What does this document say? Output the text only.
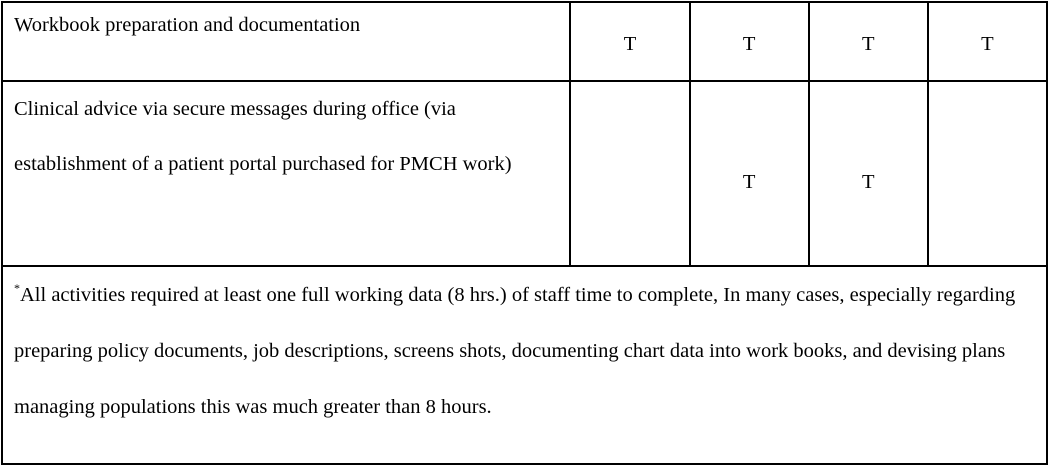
Workbook preparation and documentation	T	T	T	T
Clinical advice via secure messages during office (via establishment of a patient portal purchased for PMCH work)		T	T	
*All activities required at least one full working data (8 hrs.) of staff time to complete, In many cases, especially regarding preparing policy documents, job descriptions, screens shots, documenting chart data into work books, and devising plans managing populations this was much greater than 8 hours.				
